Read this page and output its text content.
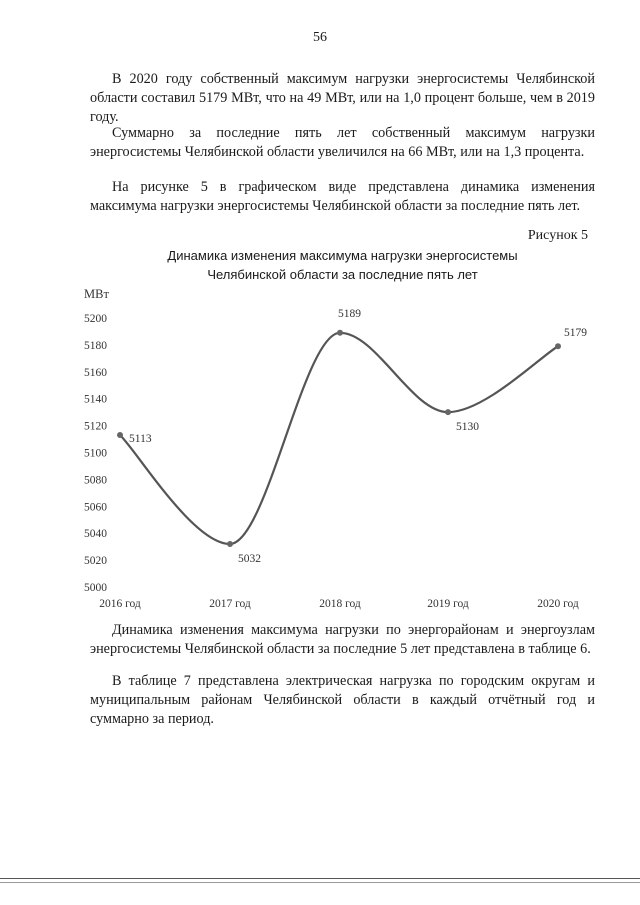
56

В 2020 году собственный максимум нагрузки энергосистемы Челябинской области составил 5179 МВт, что на 49 МВт, или на 1,0 процент больше, чем в 2019 году.

Суммарно за последние пять лет собственный максимум нагрузки энергосистемы Челябинской области увеличился на 66 МВт, или на 1,3 процента.

На рисунке 5 в графическом виде представлена динамика изменения максимума нагрузки энергосистемы Челябинской области за последние пять лет.

Рисунок 5
Динамика изменения максимума нагрузки энергосистемы
Челябинской области за последние пять лет
МВт
5000
5020
5040
5060
5080
5100
5120
5140
5160
5180
5200
2016 год	2017 год	2018 год	2019 год	2020 год
5113
5032
5189
5130
5179

Динамика изменения максимума нагрузки по энергорайонам и энергоузлам энергосистемы Челябинской области за последние 5 лет представлена в таблице 6.

В таблице 7 представлена электрическая нагрузка по городским округам и муниципальным районам Челябинской области в каждый отчётный год и суммарно за период.
